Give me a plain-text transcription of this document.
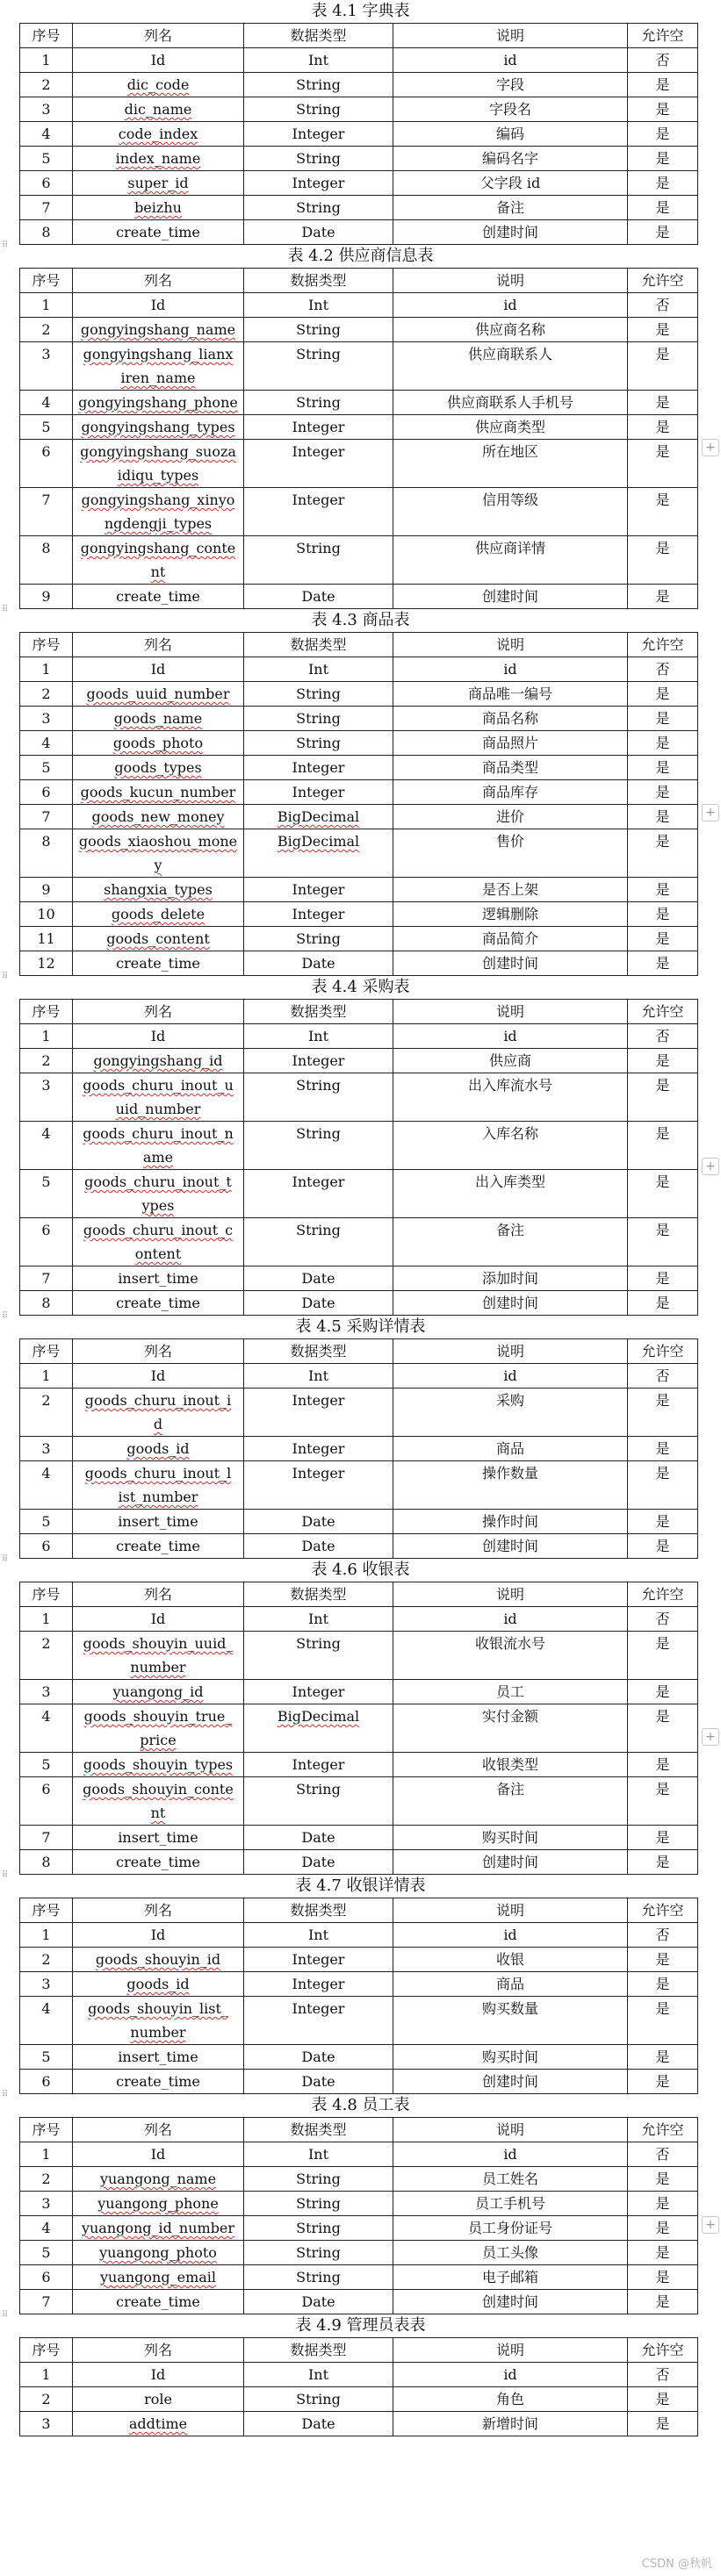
表 4.1 字典表
序号	列名	数据类型	说明	允许空
1	Id	Int	id	否
2	dic_code	String	字段	是
3	dic_name	String	字段名	是
4	code_index	Integer	编码	是
5	index_name	String	编码名字	是
6	super_id	Integer	父字段 id	是
7	beizhu	String	备注	是
8	create_time	Date	创建时间	是
表 4.2 供应商信息表
序号	列名	数据类型	说明	允许空
1	Id	Int	id	否
2	gongyingshang_name	String	供应商名称	是
3	gongyingshang_lianx
iren_name	String	供应商联系人	是
4	gongyingshang_phone	String	供应商联系人手机号	是
5	gongyingshang_types	Integer	供应商类型	是
6	gongyingshang_suoza
idiqu_types	Integer	所在地区	是
7	gongyingshang_xinyo
ngdengji_types	Integer	信用等级	是
8	gongyingshang_conte
nt	String	供应商详情	是
9	create_time	Date	创建时间	是
表 4.3 商品表
序号	列名	数据类型	说明	允许空
1	Id	Int	id	否
2	goods_uuid_number	String	商品唯一编号	是
3	goods_name	String	商品名称	是
4	goods_photo	String	商品照片	是
5	goods_types	Integer	商品类型	是
6	goods_kucun_number	Integer	商品库存	是
7	goods_new_money	BigDecimal	进价	是
8	goods_xiaoshou_mone
y	BigDecimal	售价	是
9	shangxia_types	Integer	是否上架	是
10	goods_delete	Integer	逻辑删除	是
11	goods_content	String	商品简介	是
12	create_time	Date	创建时间	是
表 4.4 采购表
序号	列名	数据类型	说明	允许空
1	Id	Int	id	否
2	gongyingshang_id	Integer	供应商	是
3	goods_churu_inout_u
uid_number	String	出入库流水号	是
4	goods_churu_inout_n
ame	String	入库名称	是
5	goods_churu_inout_t
ypes	Integer	出入库类型	是
6	goods_churu_inout_c
ontent	String	备注	是
7	insert_time	Date	添加时间	是
8	create_time	Date	创建时间	是
表 4.5 采购详情表
序号	列名	数据类型	说明	允许空
1	Id	Int	id	否
2	goods_churu_inout_i
d	Integer	采购	是
3	goods_id	Integer	商品	是
4	goods_churu_inout_l
ist_number	Integer	操作数量	是
5	insert_time	Date	操作时间	是
6	create_time	Date	创建时间	是
表 4.6 收银表
序号	列名	数据类型	说明	允许空
1	Id	Int	id	否
2	goods_shouyin_uuid_
number	String	收银流水号	是
3	yuangong_id	Integer	员工	是
4	goods_shouyin_true_
price	BigDecimal	实付金额	是
5	goods_shouyin_types	Integer	收银类型	是
6	goods_shouyin_conte
nt	String	备注	是
7	insert_time	Date	购买时间	是
8	create_time	Date	创建时间	是
表 4.7 收银详情表
序号	列名	数据类型	说明	允许空
1	Id	Int	id	否
2	goods_shouyin_id	Integer	收银	是
3	goods_id	Integer	商品	是
4	goods_shouyin_list_
number	Integer	购买数量	是
5	insert_time	Date	购买时间	是
6	create_time	Date	创建时间	是
表 4.8 员工表
序号	列名	数据类型	说明	允许空
1	Id	Int	id	否
2	yuangong_name	String	员工姓名	是
3	yuangong_phone	String	员工手机号	是
4	yuangong_id_number	String	员工身份证号	是
5	yuangong_photo	String	员工头像	是
6	yuangong_email	String	电子邮箱	是
7	create_time	Date	创建时间	是
表 4.9 管理员表表
序号	列名	数据类型	说明	允许空
1	Id	Int	id	否
2	role	String	角色	是
3	addtime	Date	新增时间	是
⠿
⠿
⠿
⠿
⠿
⠿
⠿
⠿
+
+
+
+
+
CSDN @秋帆
